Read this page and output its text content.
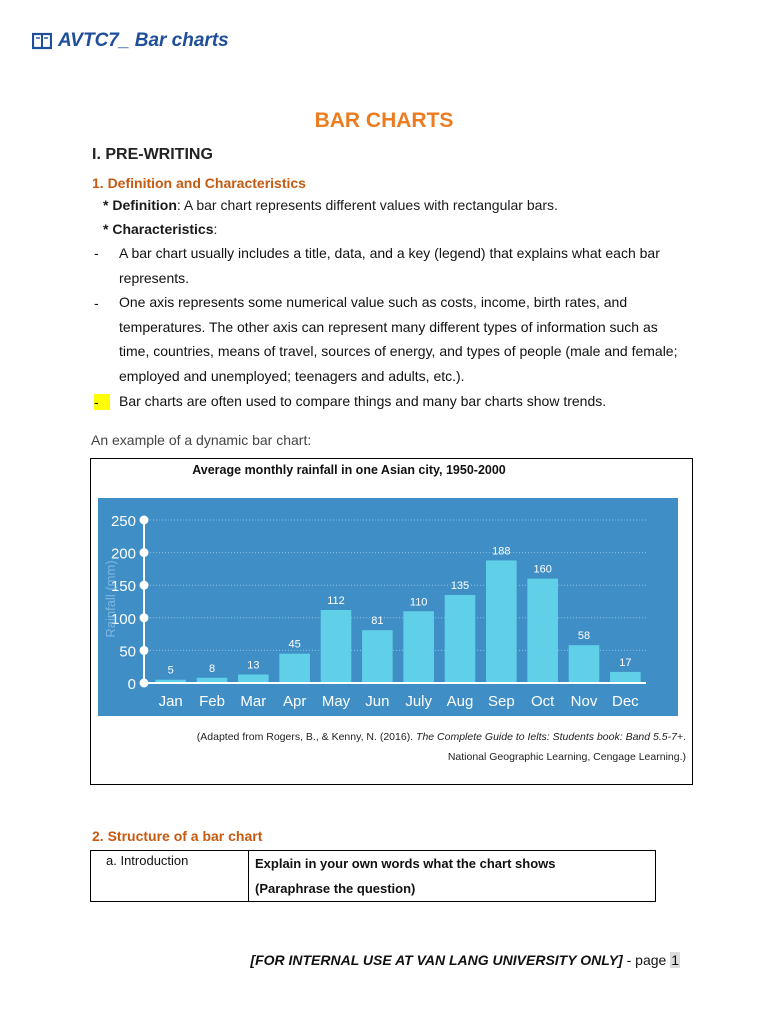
AVTC7_ Bar charts
BAR CHARTS
I. PRE-WRITING
1. Definition and Characteristics
* Definition: A bar chart represents different values with rectangular bars.
* Characteristics:
- A bar chart usually includes a title, data, and a key (legend) that explains what each bar represents.
- One axis represents some numerical value such as costs, income, birth rates, and temperatures. The other axis can represent many different types of information such as time, countries, means of travel, sources of energy, and types of people (male and female; employed and unemployed; teenagers and adults, etc.).
-	Bar charts are often used to compare things and many bar charts show trends.
An example of a dynamic bar chart:
Average monthly rainfall in one Asian city, 1950-2000
0
50
100
150
200
250
5
Jan
8
Feb
13
Mar
45
Apr
112
May
81
Jun
110
July
135
Aug
188
Sep
160
Oct
58
Nov
17
Dec
Rainfall (mm)
(Adapted from Rogers, B., & Kenny, N. (2016). The Complete Guide to Ielts: Students book: Band 5.5-7+.
National Geographic Learning, Cengage Learning.)
2. Structure of a bar chart
a. Introduction	Explain in your own words what the chart shows
(Paraphrase the question)
[FOR INTERNAL USE AT VAN LANG UNIVERSITY ONLY] - page 1
